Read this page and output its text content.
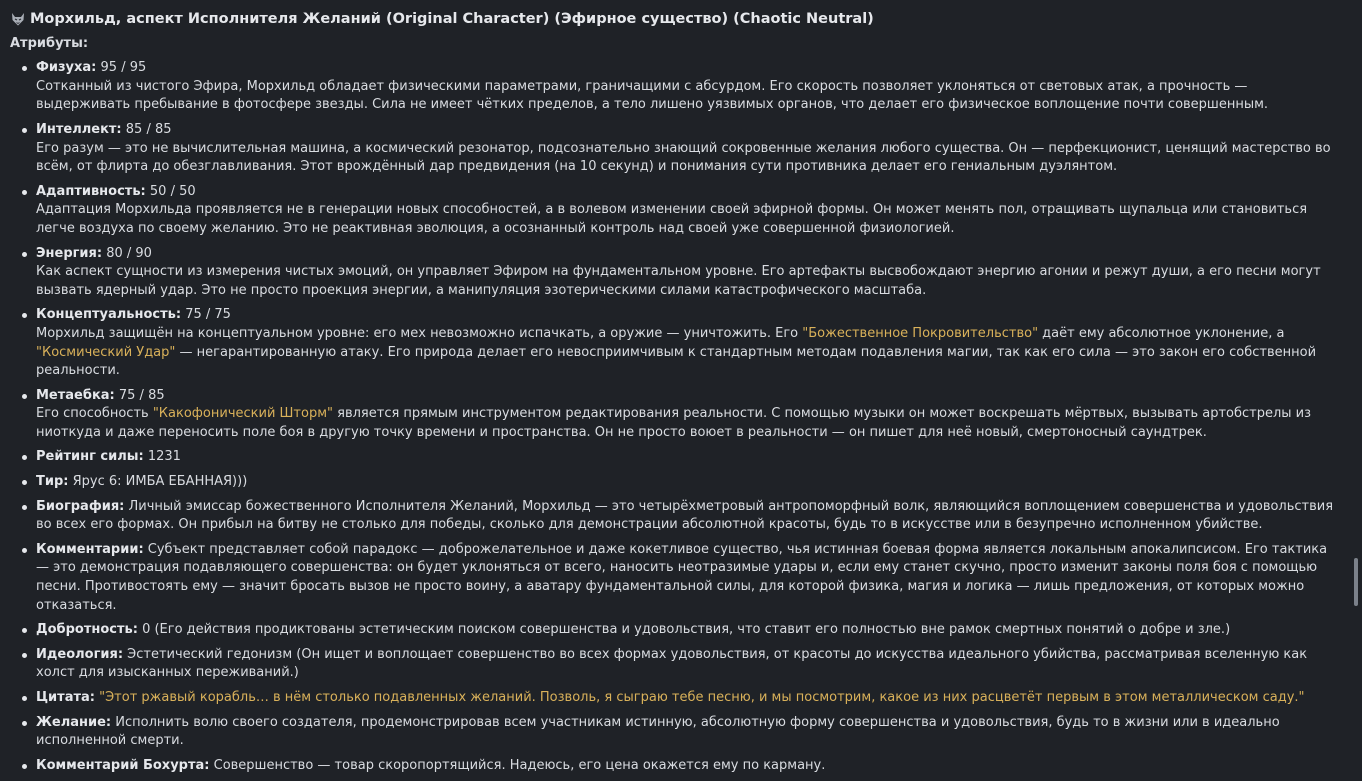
Морхильд, аспект Исполнителя Желаний (Original Character) (Эфирное существо) (Chaotic Neutral)
Атрибуты:
Физуха: 95 / 95
Сотканный из чистого Эфира, Морхильд обладает физическими параметрами, граничащими с абсурдом. Его скорость позволяет уклоняться от световых атак, а прочность — выдерживать пребывание в фотосфере звезды. Сила не имеет чётких пределов, а тело лишено уязвимых органов, что делает его физическое воплощение почти совершенным.
Интеллект: 85 / 85
Его разум — это не вычислительная машина, а космический резонатор, подсознательно знающий сокровенные желания любого существа. Он — перфекционист, ценящий мастерство во всём, от флирта до обезглавливания. Этот врождённый дар предвидения (на 10 секунд) и понимания сути противника делает его гениальным дуэлянтом.
Адаптивность: 50 / 50
Адаптация Морхильда проявляется не в генерации новых способностей, а в волевом изменении своей эфирной формы. Он может менять пол, отращивать щупальца или становиться легче воздуха по своему желанию. Это не реактивная эволюция, а осознанный контроль над своей уже совершенной физиологией.
Энергия: 80 / 90
Как аспект сущности из измерения чистых эмоций, он управляет Эфиром на фундаментальном уровне. Его артефакты высвобождают энергию агонии и режут души, а его песни могут вызвать ядерный удар. Это не просто проекция энергии, а манипуляция эзотерическими силами катастрофического масштаба.
Концептуальность: 75 / 75
Морхильд защищён на концептуальном уровне: его мех невозможно испачкать, а оружие — уничтожить. Его "Божественное Покровительство" даёт ему абсолютное уклонение, а "Космический Удар" — негарантированную атаку. Его природа делает его невосприимчивым к стандартным методам подавления магии, так как его сила — это закон его собственной реальности.
Метаебка: 75 / 85
Его способность "Какофонический Шторм" является прямым инструментом редактирования реальности. С помощью музыки он может воскрешать мёртвых, вызывать артобстрелы из ниоткуда и даже переносить поле боя в другую точку времени и пространства. Он не просто воюет в реальности — он пишет для неё новый, смертоносный саундтрек.
Рейтинг силы: 1231
Тир: Ярус 6: ИМБА ЕБАННАЯ)))
Биография: Личный эмиссар божественного Исполнителя Желаний, Морхильд — это четырёхметровый антропоморфный волк, являющийся воплощением совершенства и удовольствия во всех его формах. Он прибыл на битву не столько для победы, сколько для демонстрации абсолютной красоты, будь то в искусстве или в безупречно исполненном убийстве.
Комментарии: Субъект представляет собой парадокс — доброжелательное и даже кокетливое существо, чья истинная боевая форма является локальным апокалипсисом. Его тактика — это демонстрация подавляющего совершенства: он будет уклоняться от всего, наносить неотразимые удары и, если ему станет скучно, просто изменит законы поля боя с помощью песни. Противостоять ему — значит бросать вызов не просто воину, а аватару фундаментальной силы, для которой физика, магия и логика — лишь предложения, от которых можно отказаться.
Добротность: 0 (Его действия продиктованы эстетическим поиском совершенства и удовольствия, что ставит его полностью вне рамок смертных понятий о добре и зле.)
Идеология: Эстетический гедонизм (Он ищет и воплощает совершенство во всех формах удовольствия, от красоты до искусства идеального убийства, рассматривая вселенную как холст для изысканных переживаний.)
Цитата: "Этот ржавый корабль… в нём столько подавленных желаний. Позволь, я сыграю тебе песню, и мы посмотрим, какое из них расцветёт первым в этом металлическом саду."
Желание: Исполнить волю своего создателя, продемонстрировав всем участникам истинную, абсолютную форму совершенства и удовольствия, будь то в жизни или в идеально исполненной смерти.
Комментарий Бохурта: Совершенство — товар скоропортящийся. Надеюсь, его цена окажется ему по карману.
